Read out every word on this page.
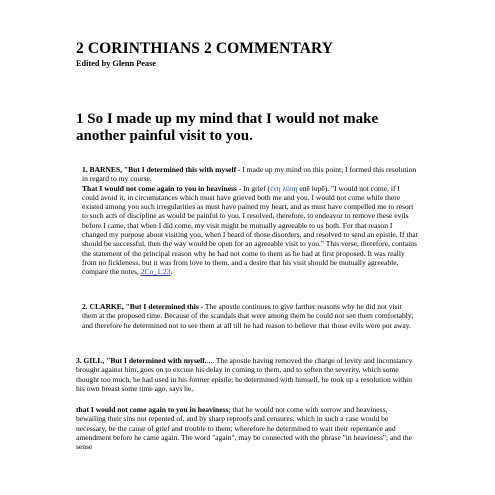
2 CORINTHIANS 2 COMMENTARY
Edited by Glenn Pease
1 So I made up my mind that I would not make another painful visit to you.

1. BARNES, "But I determined this with myself - I made up my mind on this point; I formed this resolution in regard to my course.

That I would not come again to you in heaviness - In grief (ἐνη λύπῃ enē lupē). "I would not come, if I could avoid it, in circumstances which must have grieved both me and you. I would not come while there existed among you such irregularities as must have pained my heart, and as must have compelled me to resort to such acts of discipline as would be painful to you. I resolved, therefore, to endeavor to remove these evils before I came, that when I did come, my visit might be mutually agreeable to us both. For that reason I changed my purpose about visiting you, when I heard of those disorders, and resolved to send an epistle. If that should be successful, then the way would be open for an agreeable visit to you." This verse, therefore, contains the statement of the principal reason why he had not come to them as he had at first proposed. It was really from no fickleness, but it was from love to them, and a desire that his visit should be mutually agreeable, compare the notes, 2Co_1:23.

2. CLARKE, "But I determined this - The apostle continues to give farther reasons why he did not visit them at the proposed time. Because of the scandals that were among them he could not see them comfortably; and therefore he determined not to see them at all till he had reason to believe that those evils were put away.

3. GILL, "But I determined with myself..... The apostle having removed the charge of levity and inconstancy brought against him, goes on to excuse his delay in coming to them, and to soften the severity, which some thought too much, he had used in his former epistle; he determined with himself, he took up a resolution within his own breast some time ago, says he,

that I would not come again to you in heaviness; that he would not come with sorrow and heaviness, bewailing their sins not repented of, and by sharp reproofs and censures, which in such a case would be necessary, be the cause of grief and trouble to them; wherefore he determined to wait their repentance and amendment before he came again. The word "again", may be connected with the phrase "in heaviness"; and the sense
